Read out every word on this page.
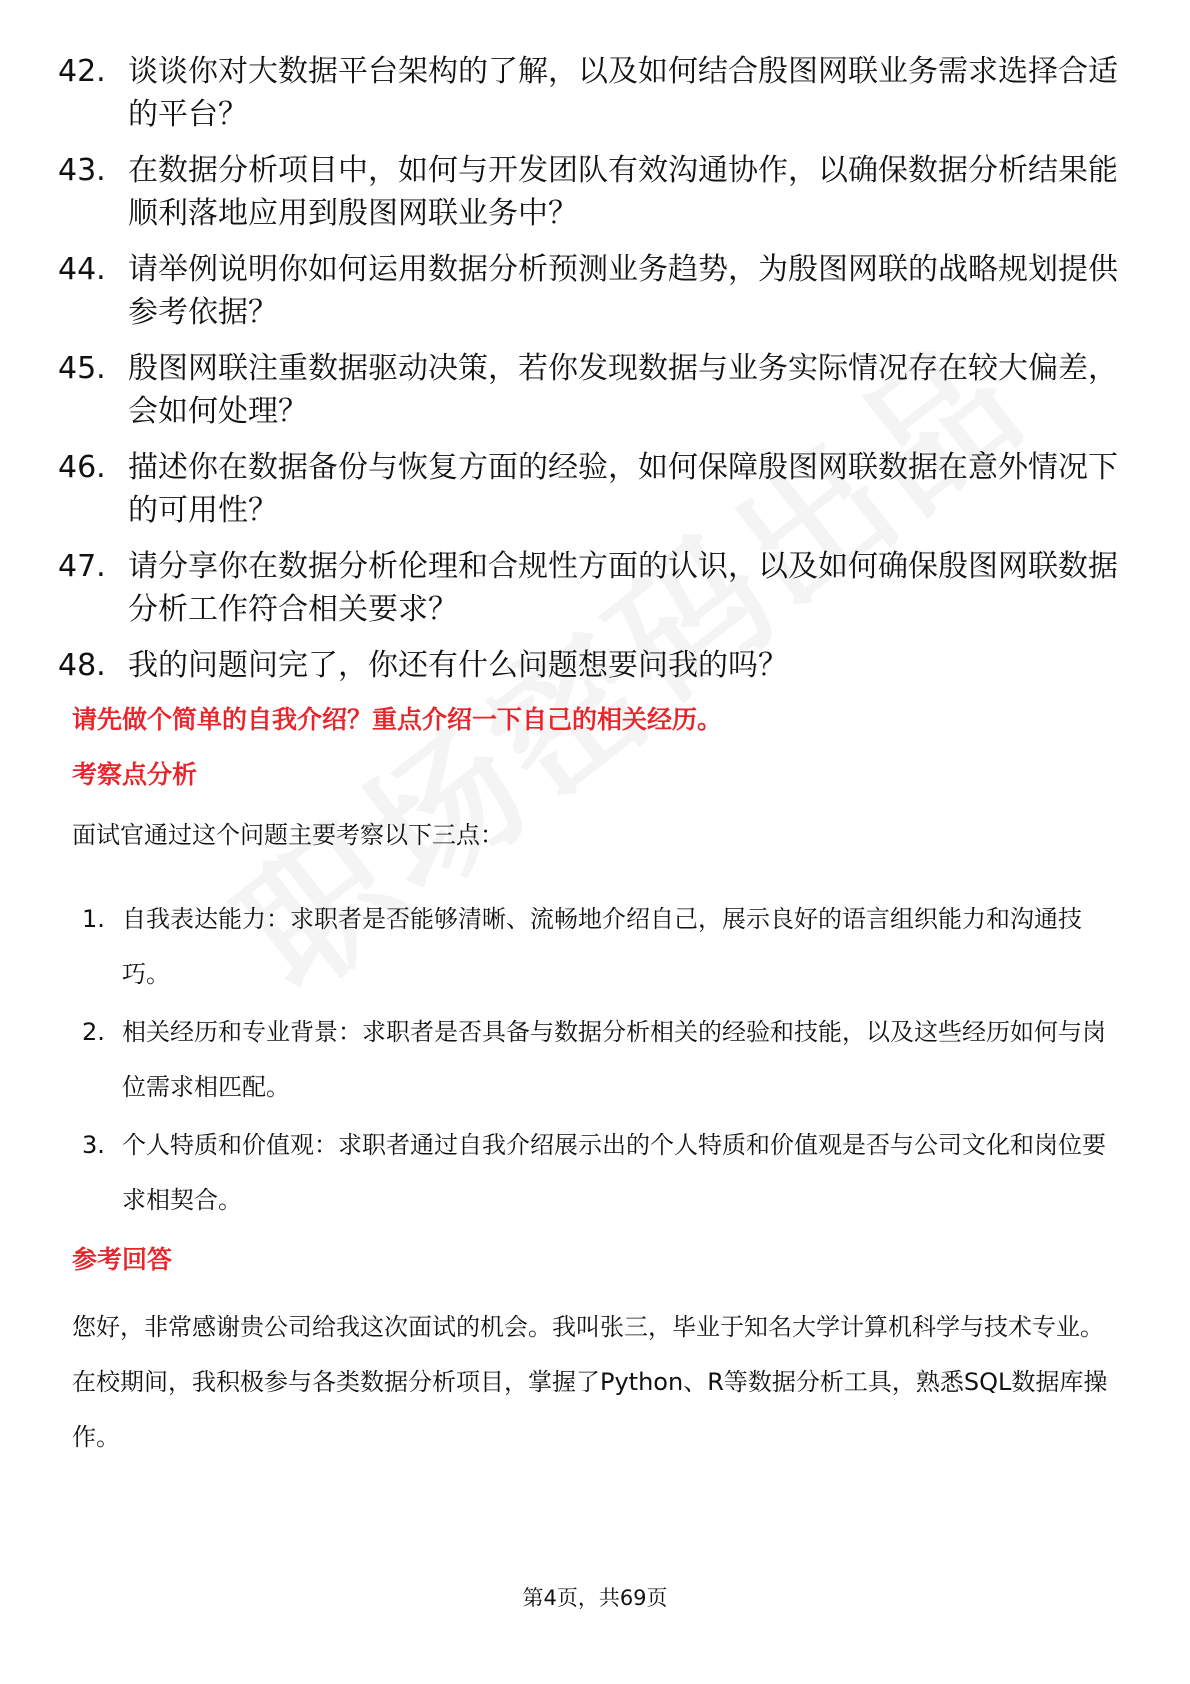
42. 谈谈你对大数据平台架构的了解，以及如何结合殷图网联业务需求选择合适的平台？
43. 在数据分析项目中，如何与开发团队有效沟通协作，以确保数据分析结果能顺利落地应用到殷图网联业务中？
44. 请举例说明你如何运用数据分析预测业务趋势，为殷图网联的战略规划提供参考依据？
45. 殷图网联注重数据驱动决策，若你发现数据与业务实际情况存在较大偏差，会如何处理？
46. 描述你在数据备份与恢复方面的经验，如何保障殷图网联数据在意外情况下的可用性？
47. 请分享你在数据分析伦理和合规性方面的认识，以及如何确保殷图网联数据分析工作符合相关要求？
48. 我的问题问完了，你还有什么问题想要问我的吗？
请先做个简单的自我介绍？重点介绍一下自己的相关经历。
考察点分析
面试官通过这个问题主要考察以下三点：
1. 自我表达能力：求职者是否能够清晰、流畅地介绍自己，展示良好的语言组织能力和沟通技巧。
2. 相关经历和专业背景：求职者是否具备与数据分析相关的经验和技能，以及这些经历如何与岗位需求相匹配。
3. 个人特质和价值观：求职者通过自我介绍展示出的个人特质和价值观是否与公司文化和岗位要求相契合。
参考回答
您好，非常感谢贵公司给我这次面试的机会。我叫张三，毕业于知名大学计算机科学与技术专业。在校期间，我积极参与各类数据分析项目，掌握了Python、R等数据分析工具，熟悉SQL数据库操作。
第4页，共69页
